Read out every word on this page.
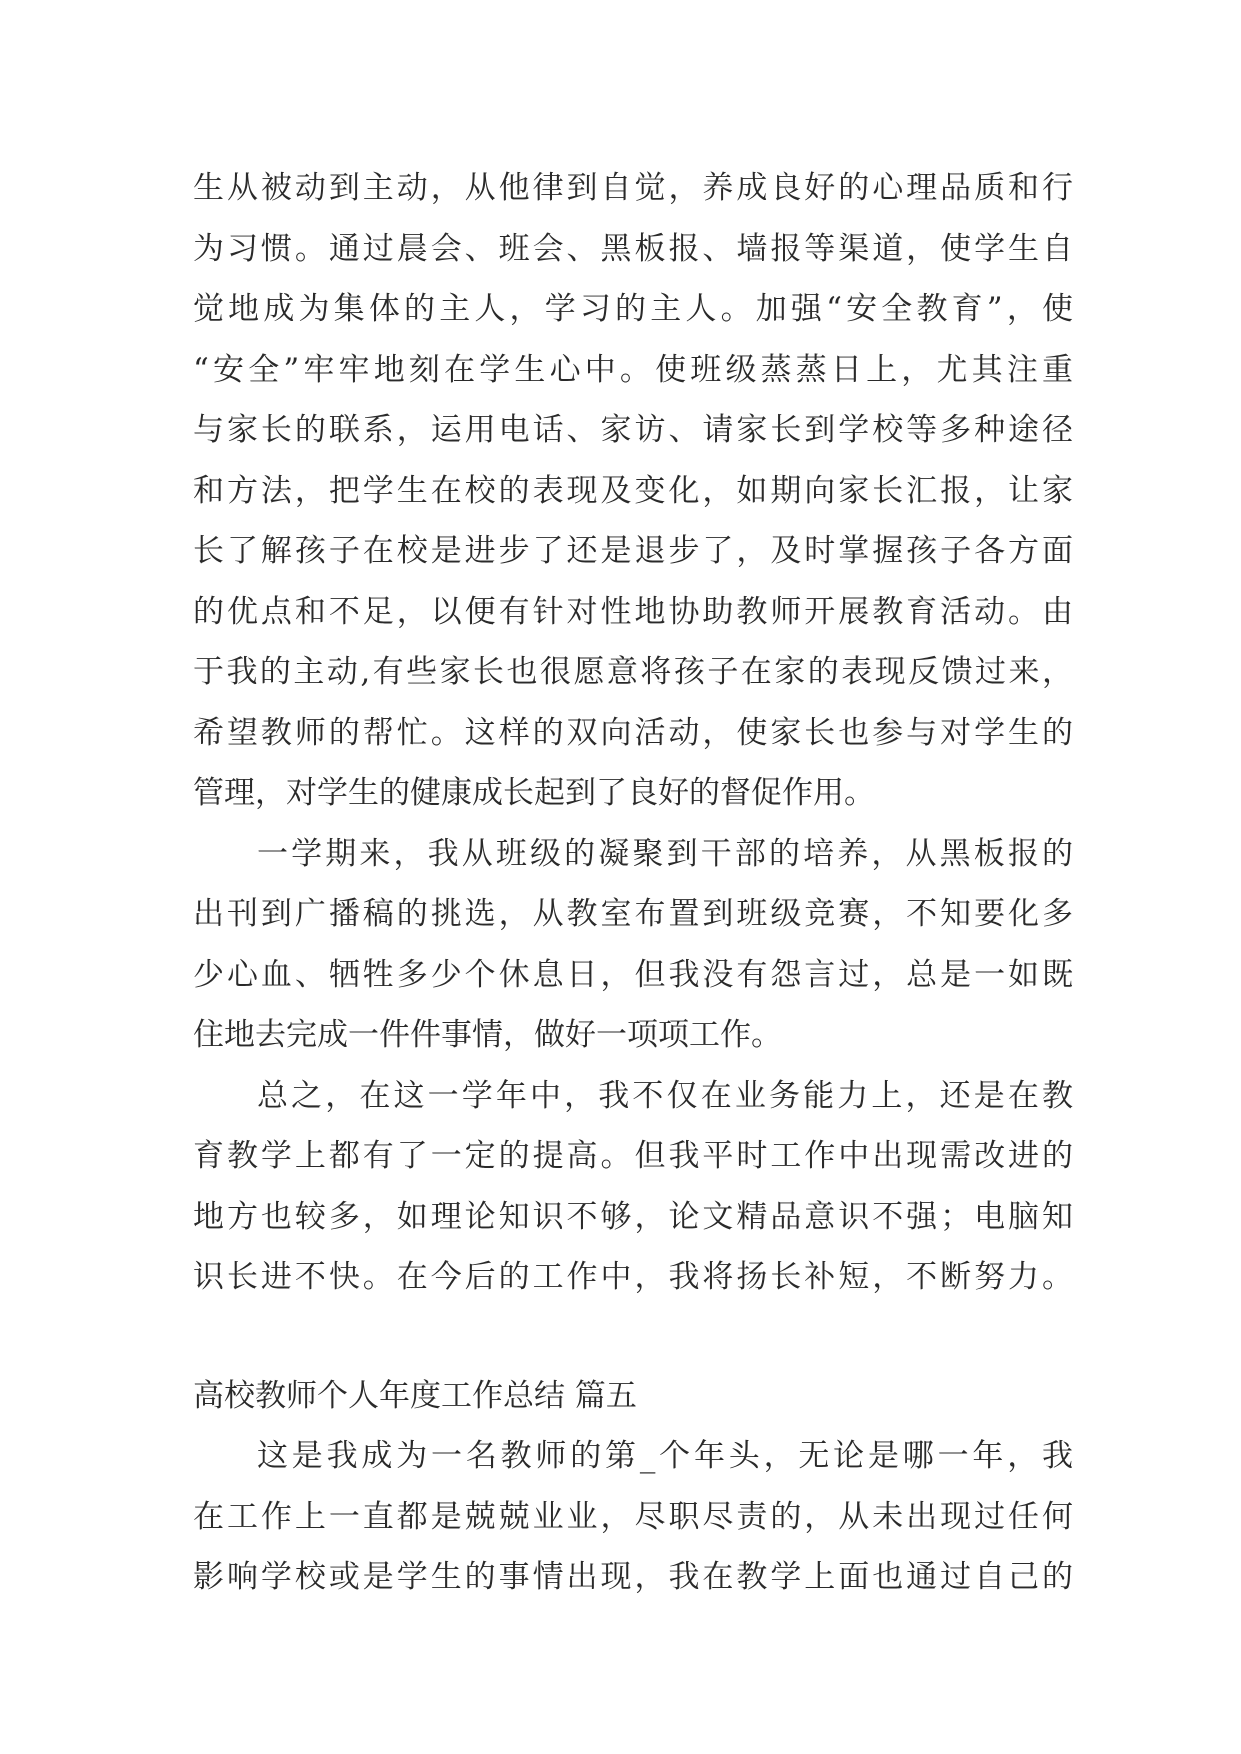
生从被动到主动，从他律到自觉，养成良好的心理品质和行
为习惯。通过晨会、班会、黑板报、墙报等渠道，使学生自
觉地成为集体的主人，学习的主人。加强“安全教育”，使
“安全”牢牢地刻在学生心中。使班级蒸蒸日上，尤其注重
与家长的联系，运用电话、家访、请家长到学校等多种途径
和方法，把学生在校的表现及变化，如期向家长汇报，让家
长了解孩子在校是进步了还是退步了，及时掌握孩子各方面
的优点和不足，以便有针对性地协助教师开展教育活动。由
于我的主动,有些家长也很愿意将孩子在家的表现反馈过来，
希望教师的帮忙。这样的双向活动，使家长也参与对学生的
管理，对学生的健康成长起到了良好的督促作用。
一学期来，我从班级的凝聚到干部的培养，从黑板报的
出刊到广播稿的挑选，从教室布置到班级竞赛，不知要化多
少心血、牺牲多少个休息日，但我没有怨言过，总是一如既
住地去完成一件件事情，做好一项项工作。
总之，在这一学年中，我不仅在业务能力上，还是在教
育教学上都有了一定的提高。但我平时工作中出现需改进的
地方也较多，如理论知识不够，论文精品意识不强；电脑知
识长进不快。在今后的工作中，我将扬长补短，不断努力。
高校教师个人年度工作总结 篇五
这是我成为一名教师的第_个年头，无论是哪一年，我
在工作上一直都是兢兢业业，尽职尽责的，从未出现过任何
影响学校或是学生的事情出现，我在教学上面也通过自己的
